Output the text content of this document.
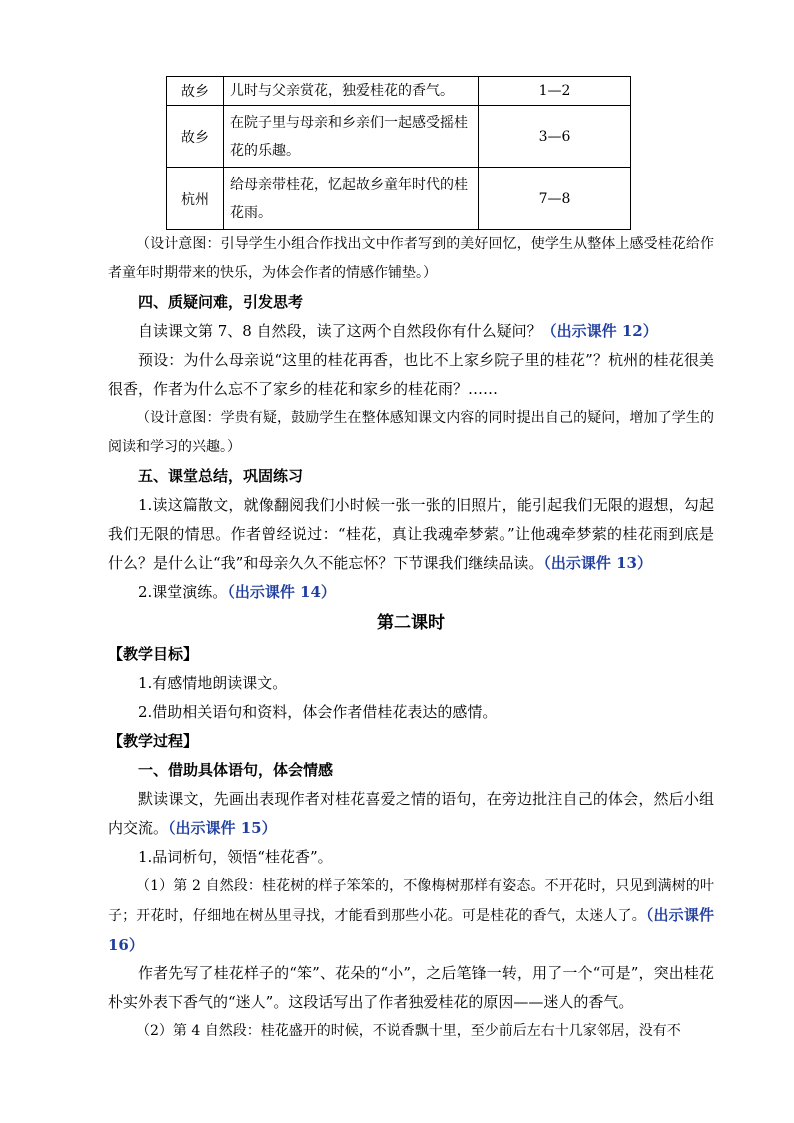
故乡	儿时与父亲赏花，独爱桂花的香气。	1—2
故乡	在院子里与母亲和乡亲们一起感受摇桂花的乐趣。	3—6
杭州	给母亲带桂花，忆起故乡童年时代的桂花雨。	7—8
（设计意图：引导学生小组合作找出文中作者写到的美好回忆，使学生从整体上感受桂花给作者童年时期带来的快乐，为体会作者的情感作铺垫。）
四、质疑问难，引发思考
自读课文第 7、8 自然段，读了这两个自然段你有什么疑问？（出示课件 12）
预设：为什么母亲说“这里的桂花再香，也比不上家乡院子里的桂花”？杭州的桂花很美很香，作者为什么忘不了家乡的桂花和家乡的桂花雨？……
（设计意图：学贵有疑，鼓励学生在整体感知课文内容的同时提出自己的疑问，增加了学生的阅读和学习的兴趣。）
五、课堂总结，巩固练习
1.读这篇散文，就像翻阅我们小时候一张一张的旧照片，能引起我们无限的遐想，勾起我们无限的情思。作者曾经说过：“桂花，真让我魂牵梦萦。”让他魂牵梦萦的桂花雨到底是什么？是什么让“我”和母亲久久不能忘怀？下节课我们继续品读。（出示课件 13）
2.课堂演练。（出示课件 14）
第二课时
【教学目标】
1.有感情地朗读课文。
2.借助相关语句和资料，体会作者借桂花表达的感情。
【教学过程】
一、借助具体语句，体会情感
默读课文，先画出表现作者对桂花喜爱之情的语句，在旁边批注自己的体会，然后小组内交流。（出示课件 15）
1.品词析句，领悟“桂花香”。
（1）第 2 自然段：桂花树的样子笨笨的，不像梅树那样有姿态。不开花时，只见到满树的叶子；开花时，仔细地在树丛里寻找，才能看到那些小花。可是桂花的香气，太迷人了。（出示课件 16）
作者先写了桂花样子的“笨”、花朵的“小”，之后笔锋一转，用了一个“可是”，突出桂花朴实外表下香气的“迷人”。这段话写出了作者独爱桂花的原因——迷人的香气。
（2）第 4 自然段：桂花盛开的时候，不说香飘十里，至少前后左右十几家邻居，没有不
